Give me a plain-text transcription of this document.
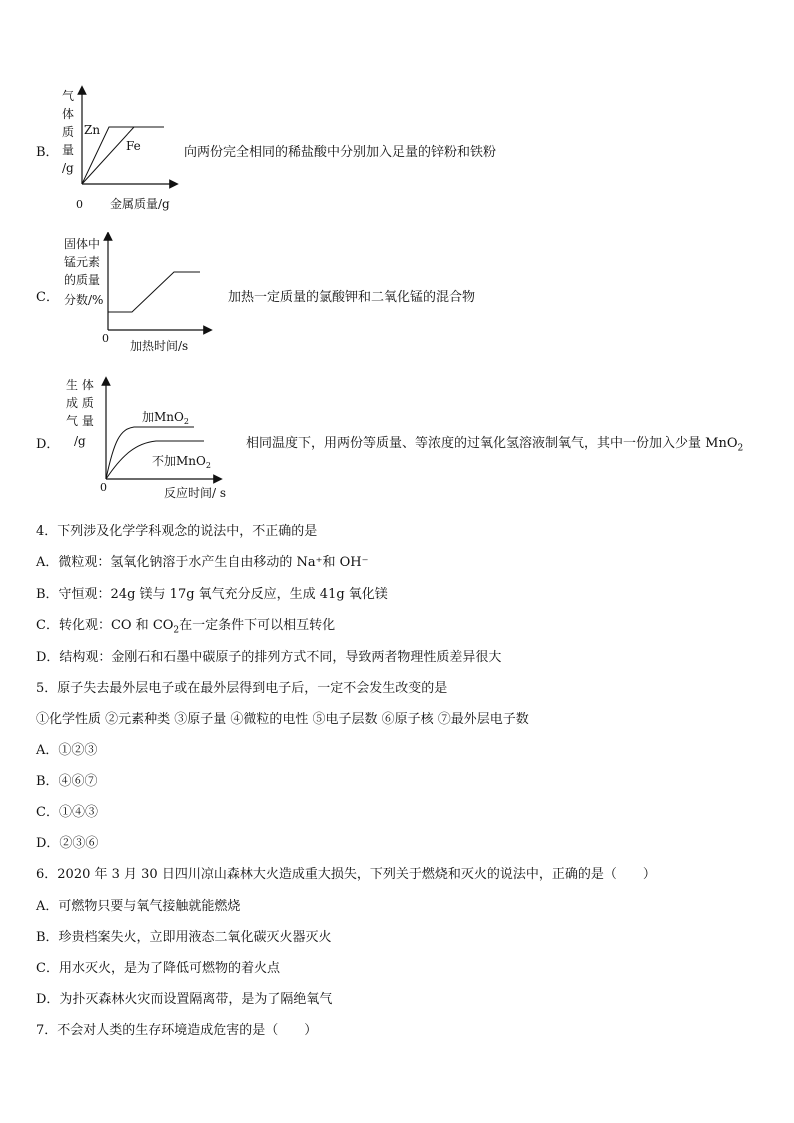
B．
气
体
质
量
/g
Zn
Fe
0 金属质量/g
向两份完全相同的稀盐酸中分别加入足量的锌粉和铁粉
C．
固体中
锰元素
的质量
分数/%
0
加热时间/s
加热一定质量的氯酸钾和二氧化锰的混合物
D．
生 体
成 质
气 量
/g
加MnO$_2$
不加MnO$_2$
0	反应时间/ s
相同温度下，用两份等质量、等浓度的过氧化氢溶液制氧气，其中一份加入少量 MnO$_2$
4．下列涉及化学学科观念的说法中，不正确的是
A．微粒观：氢氧化钠溶于水产生自由移动的 Na⁺和 OH⁻
B．守恒观：24g 镁与 17g 氧气充分反应，生成 41g 氧化镁
C．转化观：CO 和 $CO_2$在一定条件下可以相互转化
D．结构观：金刚石和石墨中碳原子的排列方式不同，导致两者物理性质差异很大
5．原子失去最外层电子或在最外层得到电子后，一定不会发生改变的是
①化学性质 ②元素种类 ③原子量 ④微粒的电性 ⑤电子层数 ⑥原子核 ⑦最外层电子数
A．①②③
B．④⑥⑦
C．①④③
D．②③⑥
6．2020 年 3 月 30 日四川凉山森林大火造成重大损失，下列关于燃烧和灭火的说法中，正确的是（　　）
A．可燃物只要与氧气接触就能燃烧
B．珍贵档案失火，立即用液态二氧化碳灭火器灭火
C．用水灭火，是为了降低可燃物的着火点
D．为扑灭森林火灾而设置隔离带，是为了隔绝氧气
7．不会对人类的生存环境造成危害的是（　　）
